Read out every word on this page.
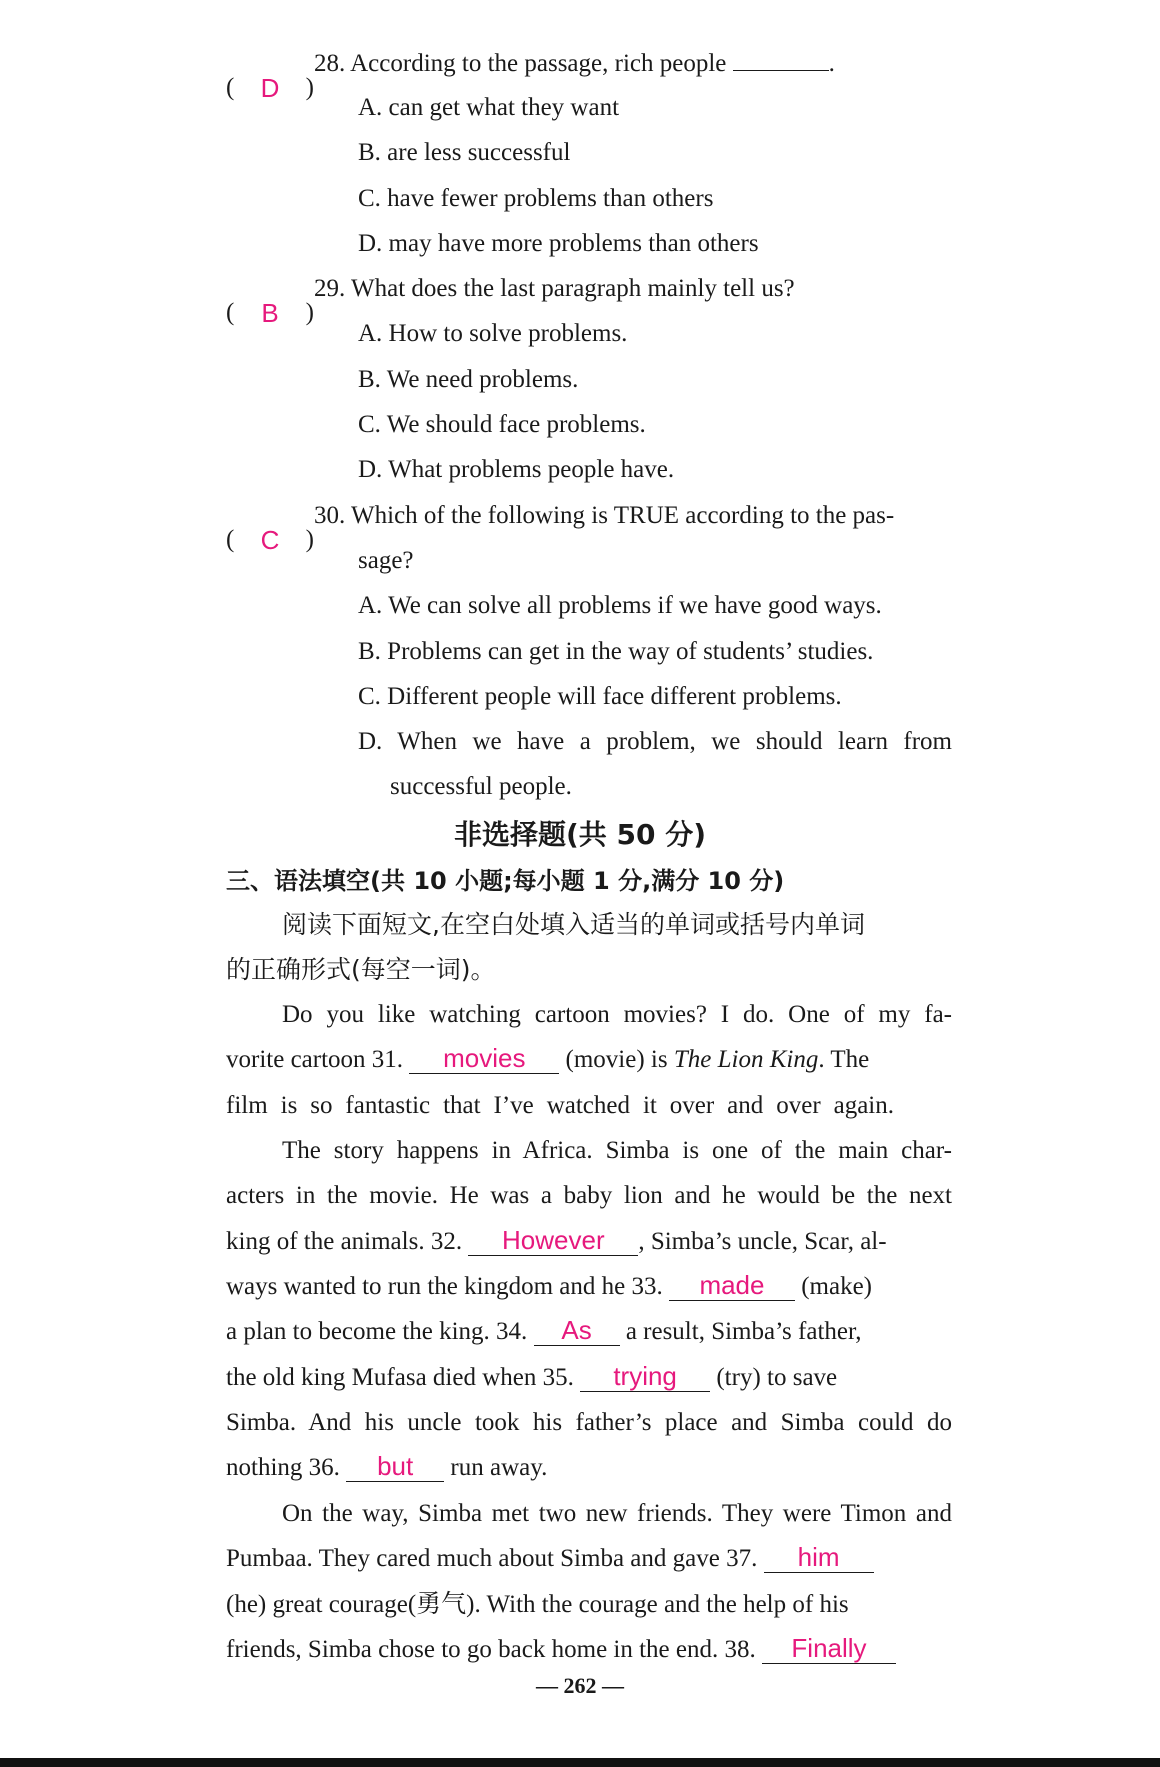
(	D	)
28. According to the passage, rich people	.
A. can get what they want
B. are less successful
C. have fewer problems than others
D. may have more problems than others
(	B	)
29. What does the last paragraph mainly tell us?
A. How to solve problems.
B. We need problems.
C. We should face problems.
D. What problems people have.
(	C	)
30. Which of the following is TRUE according to the pas-
sage?
A. We can solve all problems if we have good ways.
B. Problems can get in the way of students’ studies.
C. Different people will face different problems.
D. When we have a problem, we should learn from
successful people.
非选择题(共 50 分)
三、语法填空(共 10 小题;每小题 1 分,满分 10 分)
阅读下面短文,在空白处填入适当的单词或括号内单词
的正确形式(每空一词)。
Do you like watching cartoon movies? I do. One of my fa-
vorite cartoon 31. movies (movie) is The Lion King. The
film is so fantastic that I’ve watched it over and over again.
The story happens in Africa. Simba is one of the main char-
acters in the movie. He was a baby lion and he would be the next
king of the animals. 32. However , Simba’s uncle, Scar, al-
ways wanted to run the kingdom and he 33. made (make)
a plan to become the king. 34. As a result, Simba’s father,
the old king Mufasa died when 35. trying (try) to save
Simba. And his uncle took his father’s place and Simba could do
nothing 36. but run away.
On the way, Simba met two new friends. They were Timon and
Pumbaa. They cared much about Simba and gave 37. him
(he) great courage(勇气). With the courage and the help of his
friends, Simba chose to go back home in the end. 38. Finally
— 262 —
